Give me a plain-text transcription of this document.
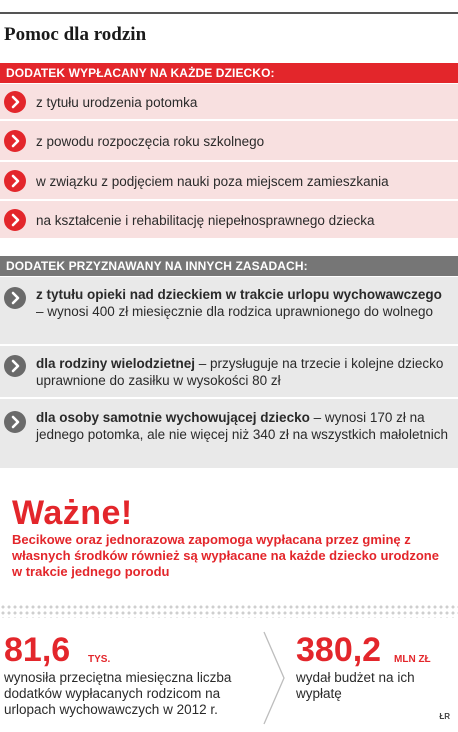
Pomoc dla rodzin
DODATEK WYPŁACANY NA KAŻDE DZIECKO:
z tytułu urodzenia potomka
z powodu rozpoczęcia roku szkolnego
w związku z podjęciem nauki poza miejscem zamieszkania
na kształcenie i rehabilitację niepełnosprawnego dziecka
DODATEK PRZYZNAWANY NA INNYCH ZASADACH:
z tytułu opieki nad dzieckiem w trakcie urlopu wychowawczego – wynosi 400 zł miesięcznie dla rodzica uprawnionego do wolnego
dla rodziny wielodzietnej – przysługuje na trzecie i kolejne dziecko uprawnione do zasiłku w wysokości 80 zł
dla osoby samotnie wychowującej dziecko – wynosi 170 zł na jednego potomka, ale nie więcej niż 340 zł na wszystkich małoletnich
Ważne!
Becikowe oraz jednorazowa zapomoga wypłacana przez gminę z własnych środków również są wypłacane na każde dziecko urodzone w trakcie jednego porodu
81,6 TYS.
wynosiła przeciętna miesięczna liczba dodatków wypłacanych rodzicom na urlopach wychowawczych w 2012 r.
380,2 MLN ZŁ
wydał budżet na ich wypłatę
ŁR
